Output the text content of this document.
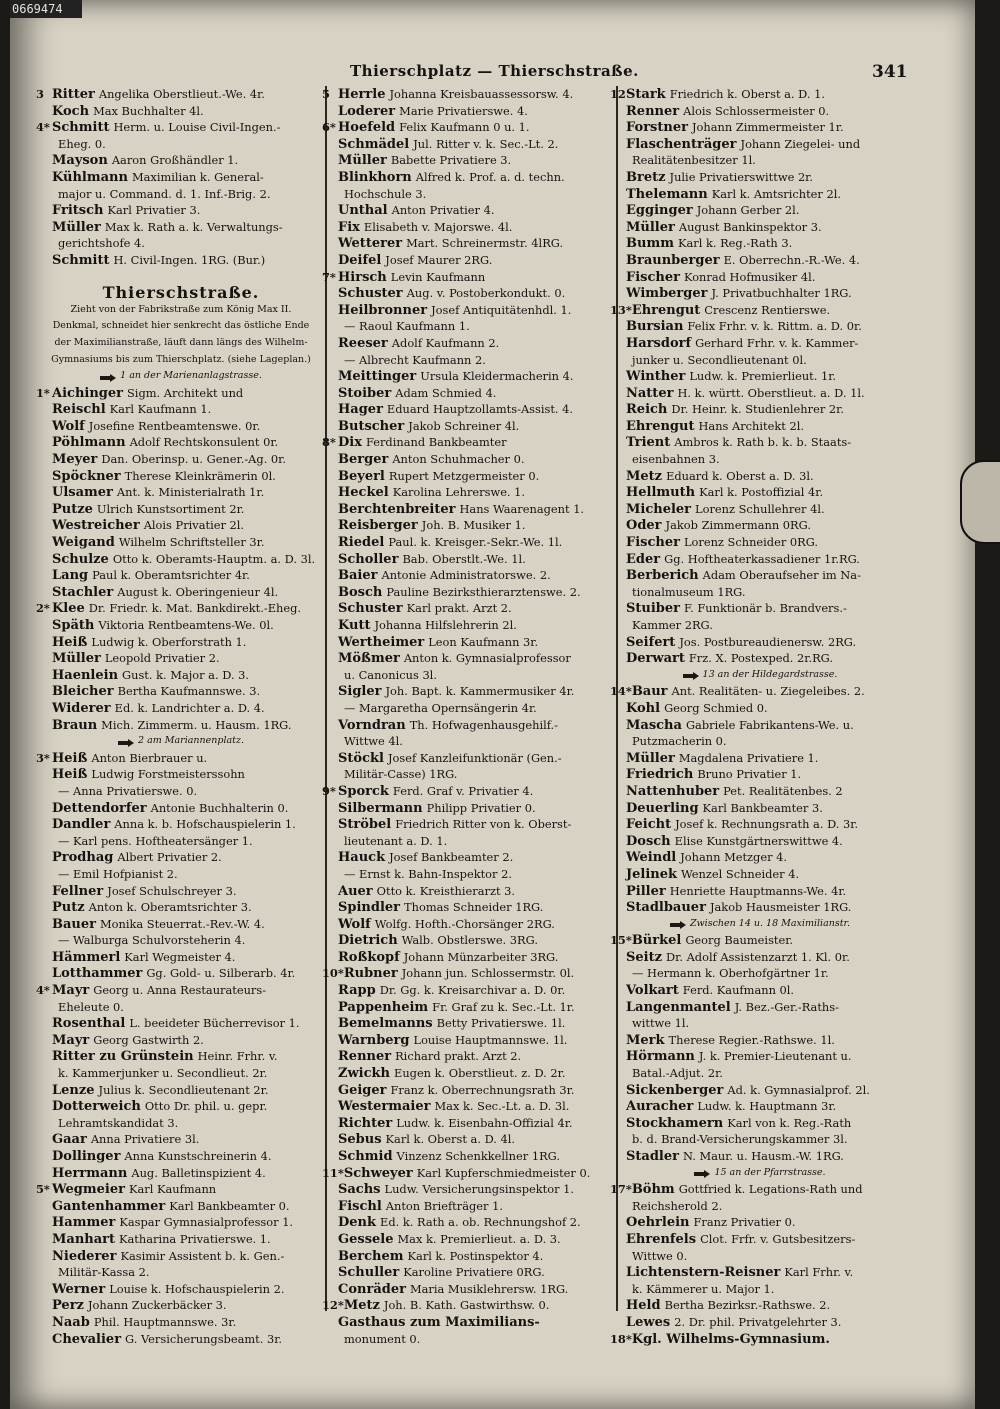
0669474
Thierschplatz — Thierschstraße.	341
3 Ritter Angelika Oberstlieut.-We. 4r.
Koch Max Buchhalter 4l.
4* Schmitt Herm. u. Louise Civil-Ingen.-
Eheg. 0.
Mayson Aaron Großhändler 1.
Kühlmann Maximilian k. General-
major u. Command. d. 1. Inf.-Brig. 2.
Fritsch Karl Privatier 3.
Müller Max k. Rath a. k. Verwaltungs-
gerichtshofe 4.
Schmitt H. Civil-Ingen. 1RG. (Bur.)
Thierschstraße.
Zieht von der Fabrikstraße zum König Max II.
Denkmal, schneidet hier senkrecht das östliche Ende
der Maximilianstraße, läuft dann längs des Wilhelm-
Gymnasiums bis zum Thierschplatz. (siehe Lageplan.)
1 an der Marienanlagstrasse.
1* Aichinger Sigm. Architekt und
Reischl Karl Kaufmann 1.
Wolf Josefine Rentbeamtenswe. 0r.
Pöhlmann Adolf Rechtskonsulent 0r.
Meyer Dan. Oberinsp. u. Gener.-Ag. 0r.
Spöckner Therese Kleinkrämerin 0l.
Ulsamer Ant. k. Ministerialrath 1r.
Putze Ulrich Kunstsortiment 2r.
Westreicher Alois Privatier 2l.
Weigand Wilhelm Schriftsteller 3r.
Schulze Otto k. Oberamts-Hauptm. a. D. 3l.
Lang Paul k. Oberamtsrichter 4r.
Stachler August k. Oberingenieur 4l.
2* Klee Dr. Friedr. k. Mat. Bankdirekt.-Eheg.
Späth Viktoria Rentbeamtens-We. 0l.
Heiß Ludwig k. Oberforstrath 1.
Müller Leopold Privatier 2.
Haenlein Gust. k. Major a. D. 3.
Bleicher Bertha Kaufmannswe. 3.
Widerer Ed. k. Landrichter a. D. 4.
Braun Mich. Zimmerm. u. Hausm. 1RG.
2 am Mariannenplatz.
3* Heiß Anton Bierbrauer u.
Heiß Ludwig Forstmeisterssohn
— Anna Privatierswe. 0.
Dettendorfer Antonie Buchhalterin 0.
Dandler Anna k. b. Hofschauspielerin 1.
— Karl pens. Hoftheatersänger 1.
Prodhag Albert Privatier 2.
— Emil Hofpianist 2.
Fellner Josef Schulschreyer 3.
Putz Anton k. Oberamtsrichter 3.
Bauer Monika Steuerrat.-Rev.-W. 4.
— Walburga Schulvorsteherin 4.
Hämmerl Karl Wegmeister 4.
Lotthammer Gg. Gold- u. Silberarb. 4r.
4* Mayr Georg u. Anna Restaurateurs-
Eheleute 0.
Rosenthal L. beeideter Bücherrevisor 1.
Mayr Georg Gastwirth 2.
Ritter zu Grünstein Heinr. Frhr. v.
k. Kammerjunker u. Secondlieut. 2r.
Lenze Julius k. Secondlieutenant 2r.
Dotterweich Otto Dr. phil. u. gepr.
Lehramtskandidat 3.
Gaar Anna Privatiere 3l.
Dollinger Anna Kunstschreinerin 4.
Herrmann Aug. Balletinspizient 4.
5* Wegmeier Karl Kaufmann
Gantenhammer Karl Bankbeamter 0.
Hammer Kaspar Gymnasialprofessor 1.
Manhart Katharina Privatierswe. 1.
Niederer Kasimir Assistent b. k. Gen.-
Militär-Kassa 2.
Werner Louise k. Hofschauspielerin 2.
Perz Johann Zuckerbäcker 3.
Naab Phil. Hauptmannswe. 3r.
Chevalier G. Versicherungsbeamt. 3r.
5 Herrle Johanna Kreisbauassessorsw. 4.
Loderer Marie Privatierswe. 4.
6* Hoefeld Felix Kaufmann 0 u. 1.
Schmädel Jul. Ritter v. k. Sec.-Lt. 2.
Müller Babette Privatiere 3.
Blinkhorn Alfred k. Prof. a. d. techn.
Hochschule 3.
Unthal Anton Privatier 4.
Fix Elisabeth v. Majorswe. 4l.
Wetterer Mart. Schreinermstr. 4lRG.
Deifel Josef Maurer 2RG.
7* Hirsch Levin Kaufmann
Schuster Aug. v. Postoberkondukt. 0.
Heilbronner Josef Antiquitätenhdl. 1.
— Raoul Kaufmann 1.
Reeser Adolf Kaufmann 2.
— Albrecht Kaufmann 2.
Meittinger Ursula Kleidermacherin 4.
Stoiber Adam Schmied 4.
Hager Eduard Hauptzollamts-Assist. 4.
Butscher Jakob Schreiner 4l.
8* Dix Ferdinand Bankbeamter
Berger Anton Schuhmacher 0.
Beyerl Rupert Metzgermeister 0.
Heckel Karolina Lehrerswe. 1.
Berchtenbreiter Hans Waarenagent 1.
Reisberger Joh. B. Musiker 1.
Riedel Paul. k. Kreisger.-Sekr.-We. 1l.
Scholler Bab. Oberstlt.-We. 1l.
Baier Antonie Administratorswe. 2.
Bosch Pauline Bezirksthierarztenswe. 2.
Schuster Karl prakt. Arzt 2.
Kutt Johanna Hilfslehrerin 2l.
Wertheimer Leon Kaufmann 3r.
Mößmer Anton k. Gymnasialprofessor
u. Canonicus 3l.
Sigler Joh. Bapt. k. Kammermusiker 4r.
— Margaretha Opernsängerin 4r.
Vorndran Th. Hofwagenhausgehilf.-
Wittwe 4l.
Stöckl Josef Kanzleifunktionär (Gen.-
Militär-Casse) 1RG.
9* Sporck Ferd. Graf v. Privatier 4.
Silbermann Philipp Privatier 0.
Ströbel Friedrich Ritter von k. Oberst-
lieutenant a. D. 1.
Hauck Josef Bankbeamter 2.
— Ernst k. Bahn-Inspektor 2.
Auer Otto k. Kreisthierarzt 3.
Spindler Thomas Schneider 1RG.
Wolf Wolfg. Hofth.-Chorsänger 2RG.
Dietrich Walb. Obstlerswe. 3RG.
Roßkopf Johann Münzarbeiter 3RG.
10*Rubner Johann jun. Schlossermstr. 0l.
Rapp Dr. Gg. k. Kreisarchivar a. D. 0r.
Pappenheim Fr. Graf zu k. Sec.-Lt. 1r.
Bemelmanns Betty Privatierswe. 1l.
Warnberg Louise Hauptmannswe. 1l.
Renner Richard prakt. Arzt 2.
Zwickh Eugen k. Oberstlieut. z. D. 2r.
Geiger Franz k. Oberrechnungsrath 3r.
Westermaier Max k. Sec.-Lt. a. D. 3l.
Richter Ludw. k. Eisenbahn-Offizial 4r.
Sebus Karl k. Oberst a. D. 4l.
Schmid Vinzenz Schenkkellner 1RG.
11*Schweyer Karl Kupferschmiedmeister 0.
Sachs Ludw. Versicherungsinspektor 1.
Fischl Anton Briefträger 1.
Denk Ed. k. Rath a. ob. Rechnungshof 2.
Gessele Max k. Premierlieut. a. D. 3.
Berchem Karl k. Postinspektor 4.
Schuller Karoline Privatiere 0RG.
Conräder Maria Musiklehrersw. 1RG.
12*Metz Joh. B. Kath. Gastwirthsw. 0.
Gasthaus zum Maximilians-
monument 0.
12Stark Friedrich k. Oberst a. D. 1.
Renner Alois Schlossermeister 0.
Forstner Johann Zimmermeister 1r.
Flaschenträger Johann Ziegelei- und
Realitätenbesitzer 1l.
Bretz Julie Privatierswittwe 2r.
Thelemann Karl k. Amtsrichter 2l.
Egginger Johann Gerber 2l.
Müller August Bankinspektor 3.
Bumm Karl k. Reg.-Rath 3.
Braunberger E. Oberrechn.-R.-We. 4.
Fischer Konrad Hofmusiker 4l.
Wimberger J. Privatbuchhalter 1RG.
13*Ehrengut Crescenz Rentierswe.
Bursian Felix Frhr. v. k. Rittm. a. D. 0r.
Harsdorf Gerhard Frhr. v. k. Kammer-
junker u. Secondlieutenant 0l.
Winther Ludw. k. Premierlieut. 1r.
Natter H. k. württ. Oberstlieut. a. D. 1l.
Reich Dr. Heinr. k. Studienlehrer 2r.
Ehrengut Hans Architekt 2l.
Trient Ambros k. Rath b. k. b. Staats-
eisenbahnen 3.
Metz Eduard k. Oberst a. D. 3l.
Hellmuth Karl k. Postoffizial 4r.
Micheler Lorenz Schullehrer 4l.
Oder Jakob Zimmermann 0RG.
Fischer Lorenz Schneider 0RG.
Eder Gg. Hoftheaterkassadiener 1r.RG.
Berberich Adam Oberaufseher im Na-
tionalmuseum 1RG.
Stuiber F. Funktionär b. Brandvers.-
Kammer 2RG.
Seifert Jos. Postbureaudienersw. 2RG.
Derwart Frz. X. Postexped. 2r.RG.
13 an der Hildegardstrasse.
14*Baur Ant. Realitäten- u. Ziegeleibes. 2.
Kohl Georg Schmied 0.
Mascha Gabriele Fabrikantens-We. u.
Putzmacherin 0.
Müller Magdalena Privatiere 1.
Friedrich Bruno Privatier 1.
Nattenhuber Pet. Realitätenbes. 2
Deuerling Karl Bankbeamter 3.
Feicht Josef k. Rechnungsrath a. D. 3r.
Dosch Elise Kunstgärtnerswittwe 4.
Weindl Johann Metzger 4.
Jelinek Wenzel Schneider 4.
Piller Henriette Hauptmanns-We. 4r.
Stadlbauer Jakob Hausmeister 1RG.
Zwischen 14 u. 18 Maximilianstr.
15*Bürkel Georg Baumeister.
Seitz Dr. Adolf Assistenzarzt 1. Kl. 0r.
— Hermann k. Oberhofgärtner 1r.
Volkart Ferd. Kaufmann 0l.
Langenmantel J. Bez.-Ger.-Raths-
wittwe 1l.
Merk Therese Regier.-Rathswe. 1l.
Hörmann J. k. Premier-Lieutenant u.
Batal.-Adjut. 2r.
Sickenberger Ad. k. Gymnasialprof. 2l.
Auracher Ludw. k. Hauptmann 3r.
Stockhamern Karl von k. Reg.-Rath
b. d. Brand-Versicherungskammer 3l.
Stadler N. Maur. u. Hausm.-W. 1RG.
15 an der Pfarrstrasse.
17*Böhm Gottfried k. Legations-Rath und
Reichsherold 2.
Oehrlein Franz Privatier 0.
Ehrenfels Clot. Frfr. v. Gutsbesitzers-
Wittwe 0.
Lichtenstern-Reisner Karl Frhr. v.
k. Kämmerer u. Major 1.
Held Bertha Bezirksr.-Rathswe. 2.
Lewes 2. Dr. phil. Privatgelehrter 3.
18*Kgl. Wilhelms-Gymnasium.
